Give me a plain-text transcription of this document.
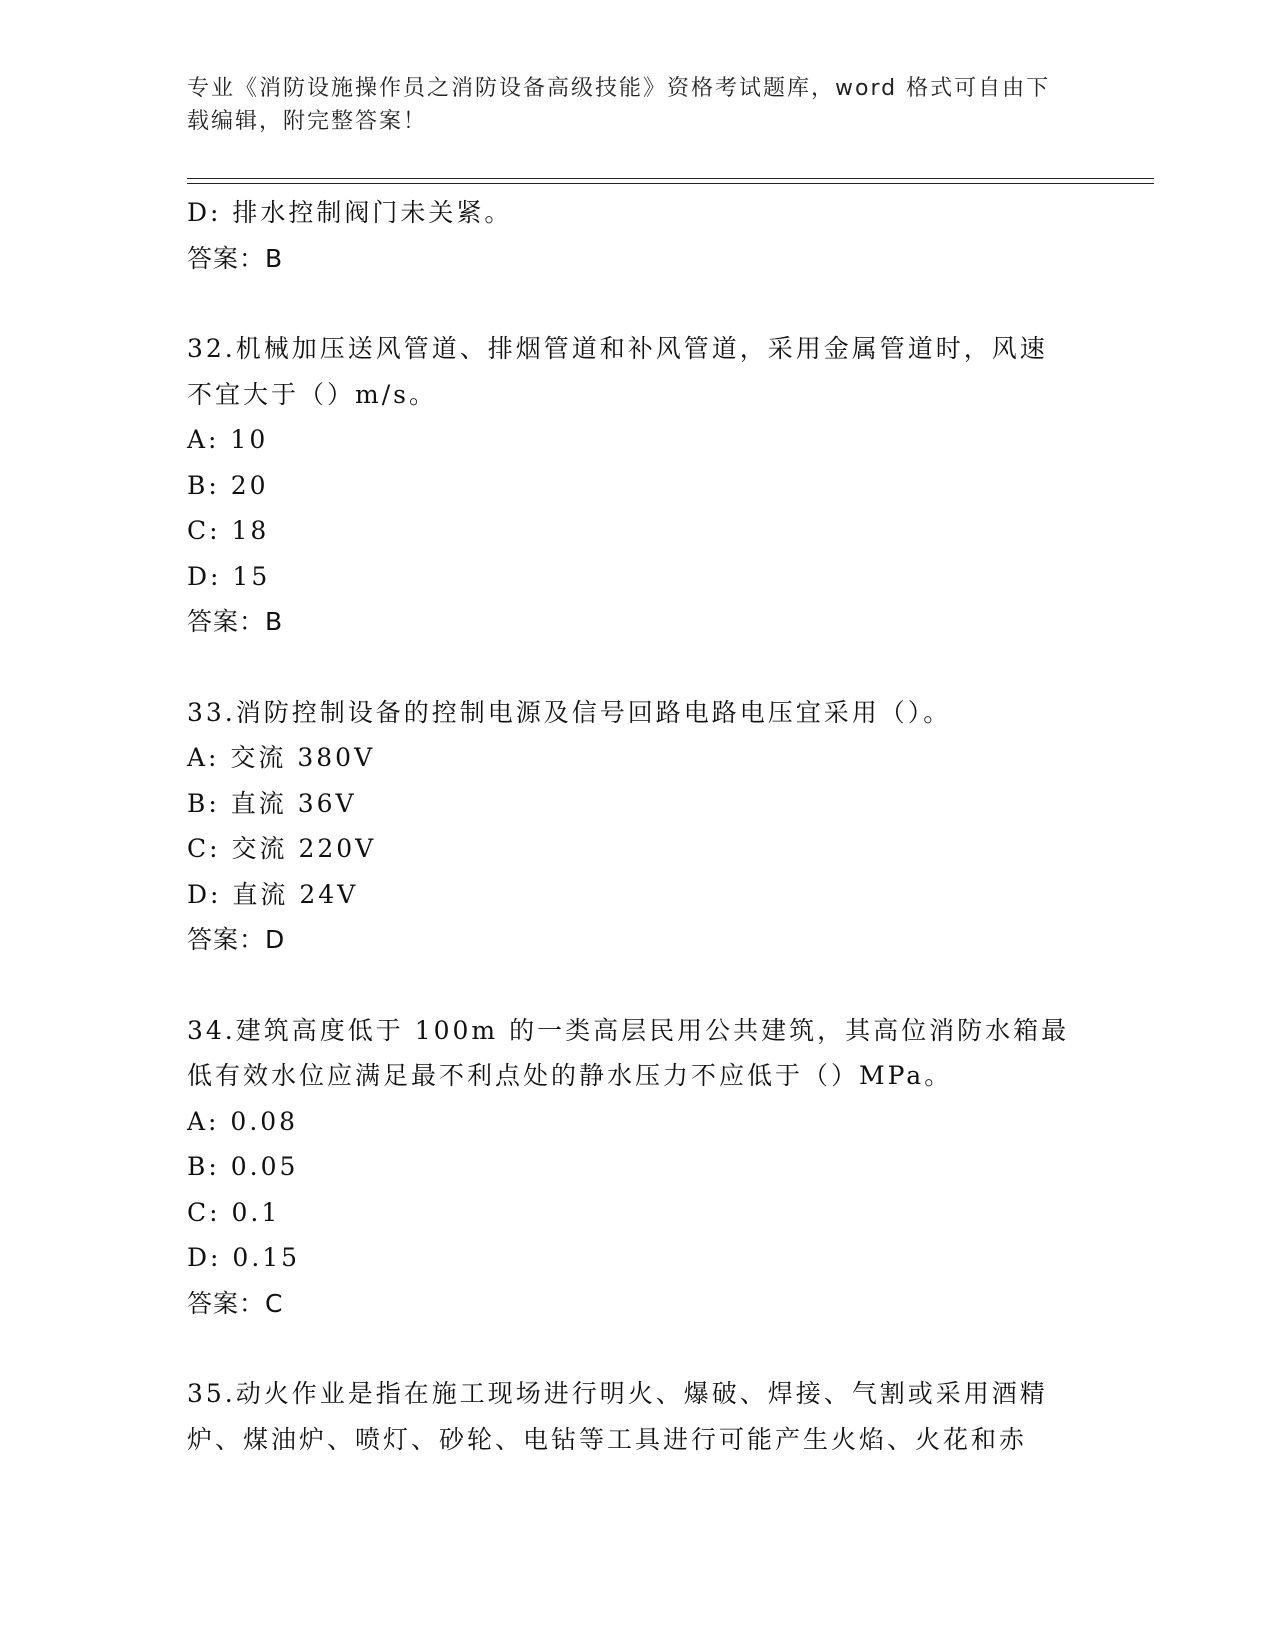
专业《消防设施操作员之消防设备高级技能》资格考试题库，word 格式可自由下
载编辑，附完整答案！
D: 排水控制阀门未关紧。
答案：B
32.机械加压送风管道、排烟管道和补风管道，采用金属管道时，风速
不宜大于（）m/s。
A: 10
B: 20
C: 18
D: 15
答案：B
33.消防控制设备的控制电源及信号回路电路电压宜采用（）。
A: 交流 380V
B: 直流 36V
C: 交流 220V
D: 直流 24V
答案：D
34.建筑高度低于 100m 的一类高层民用公共建筑，其高位消防水箱最
低有效水位应满足最不利点处的静水压力不应低于（）MPa。
A: 0.08
B: 0.05
C: 0.1
D: 0.15
答案：C
35.动火作业是指在施工现场进行明火、爆破、焊接、气割或采用酒精
炉、煤油炉、喷灯、砂轮、电钻等工具进行可能产生火焰、火花和赤
